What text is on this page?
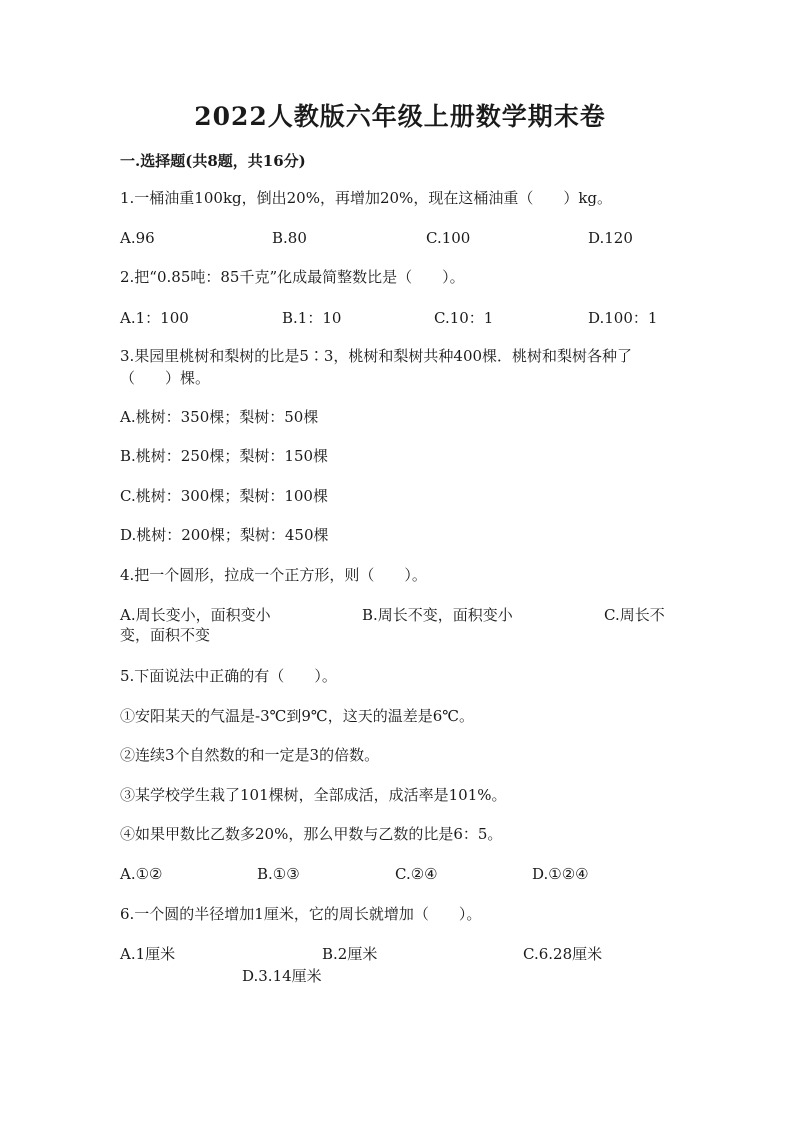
2022人教版六年级上册数学期末卷
一.选择题(共8题，共16分)
1.一桶油重100kg，倒出20%，再增加20%，现在这桶油重（　　）kg。
A.96	B.80	C.100	D.120
2.把“0.85吨：85千克”化成最简整数比是（　　）。
A.1：100	B.1：10	C.10：1	D.100：1
3.果园里桃树和梨树的比是5∶3，桃树和梨树共种400棵．桃树和梨树各种了
（　　）棵。
A.桃树：350棵；梨树：50棵
B.桃树：250棵；梨树：150棵
C.桃树：300棵；梨树：100棵
D.桃树：200棵；梨树：450棵
4.把一个圆形，拉成一个正方形，则（　　）。
A.周长变小，面积变小	B.周长不变，面积变小	C.周长不
变，面积不变
5.下面说法中正确的有（　　）。
①安阳某天的气温是-3℃到9℃，这天的温差是6℃。
②连续3个自然数的和一定是3的倍数。
③某学校学生栽了101棵树，全部成活，成活率是101%。
④如果甲数比乙数多20%，那么甲数与乙数的比是6：5。
A.①②	B.①③	C.②④	D.①②④
6.一个圆的半径增加1厘米，它的周长就增加（　　）。
A.1厘米	B.2厘米	C.6.28厘米
D.3.14厘米
